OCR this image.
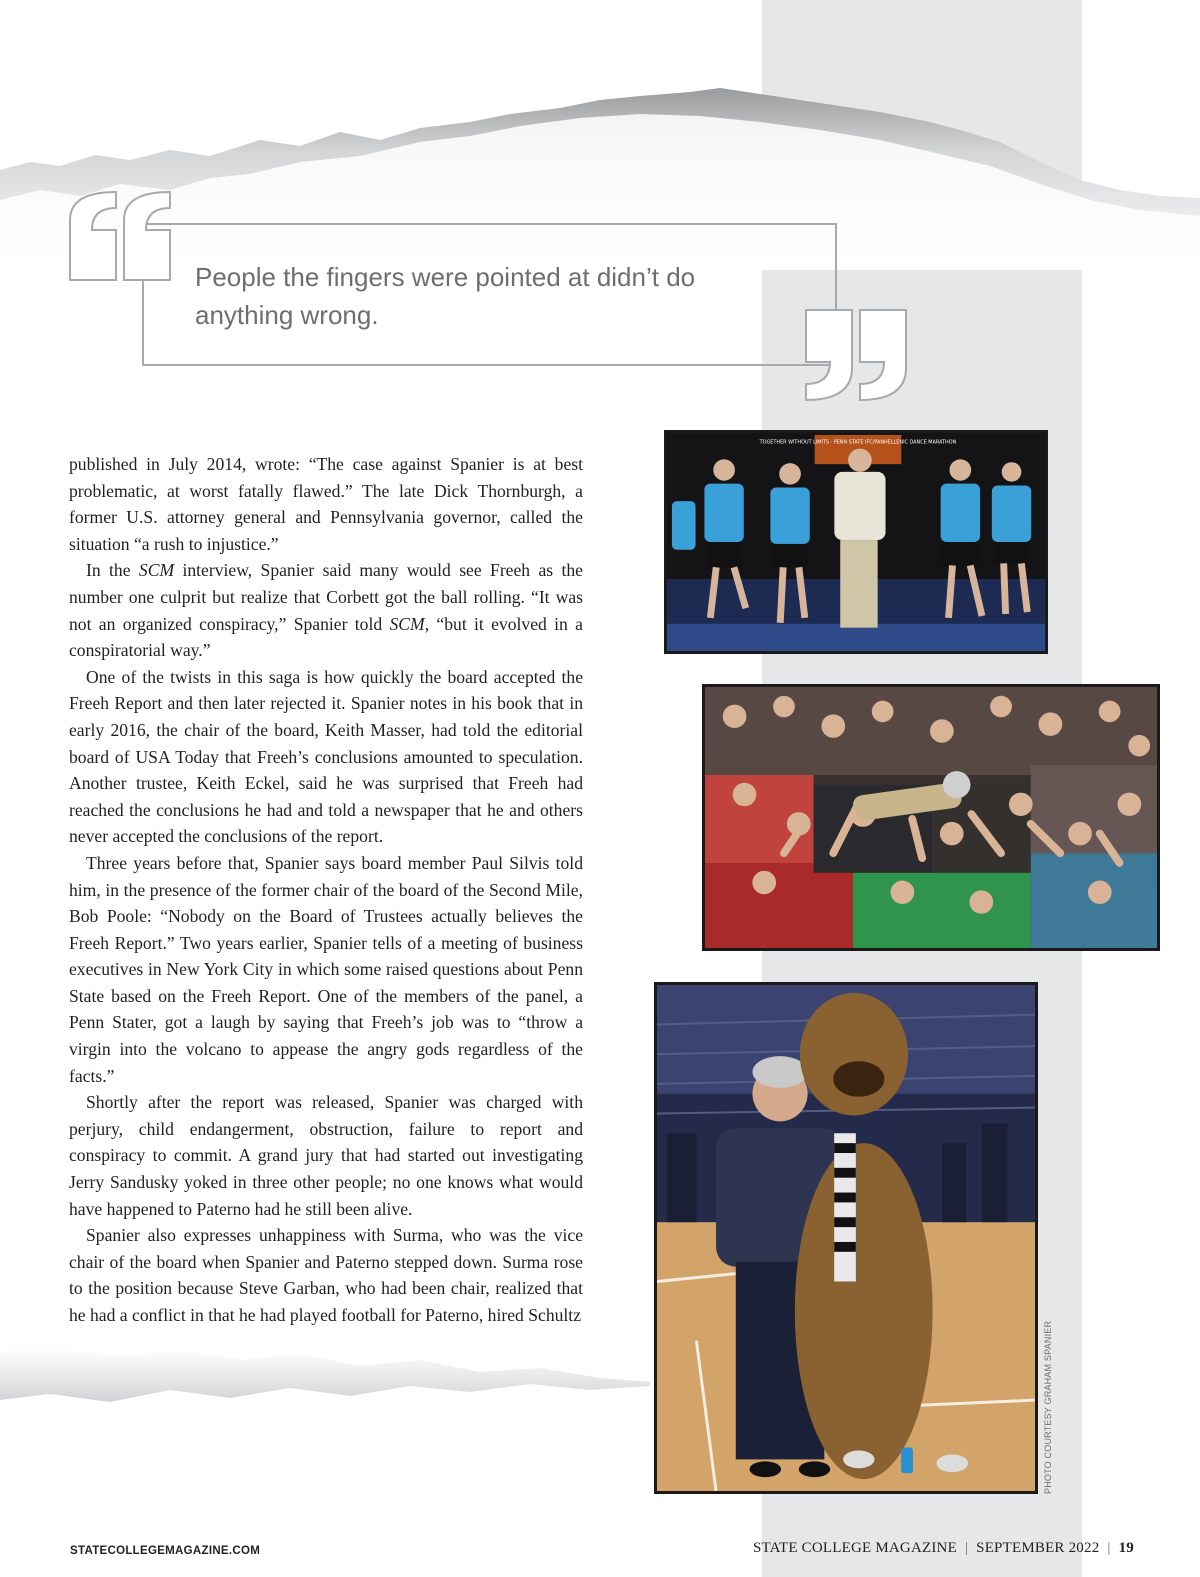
People the fingers were pointed at didn’t do anything wrong.

published in July 2014, wrote: “The case against Spanier is at best problematic, at worst fatally flawed.” The late Dick Thornburgh, a former U.S. attorney general and Pennsylvania governor, called the situation “a rush to injustice.”

In the SCM interview, Spanier said many would see Freeh as the number one culprit but realize that Corbett got the ball rolling. “It was not an organized conspiracy,” Spanier told SCM, “but it evolved in a conspiratorial way.”

One of the twists in this saga is how quickly the board accepted the Freeh Report and then later rejected it. Spanier notes in his book that in early 2016, the chair of the board, Keith Masser, had told the editorial board of USA Today that Freeh’s conclusions amounted to speculation. Another trustee, Keith Eckel, said he was surprised that Freeh had reached the conclusions he had and told a newspaper that he and others never accepted the conclusions of the report.

Three years before that, Spanier says board member Paul Silvis told him, in the presence of the former chair of the board of the Second Mile, Bob Poole: “Nobody on the Board of Trustees actually believes the Freeh Report.” Two years earlier, Spanier tells of a meeting of business executives in New York City in which some raised questions about Penn State based on the Freeh Report. One of the members of the panel, a Penn Stater, got a laugh by saying that Freeh’s job was to “throw a virgin into the volcano to appease the angry gods regardless of the facts.”

Shortly after the report was released, Spanier was charged with perjury, child endangerment, obstruction, failure to report and conspiracy to commit. A grand jury that had started out investigating Jerry Sandusky yoked in three other people; no one knows what would have happened to Paterno had he still been alive.

Spanier also expresses unhappiness with Surma, who was the vice chair of the board when Spanier and Paterno stepped down. Surma rose to the position because Steve Garban, who had been chair, realized that he had a conflict in that he had played football for Paterno, hired Schultz

TOGETHER WITHOUT LIMITS · PENN STATE IFC/PANHELLENIC DANCE MARATHON
PHOTO COURTESY GRAHAM SPANIER
STATECOLLEGEMAGAZINE.COM	STATE COLLEGE MAGAZINE | SEPTEMBER 2022 | 19
